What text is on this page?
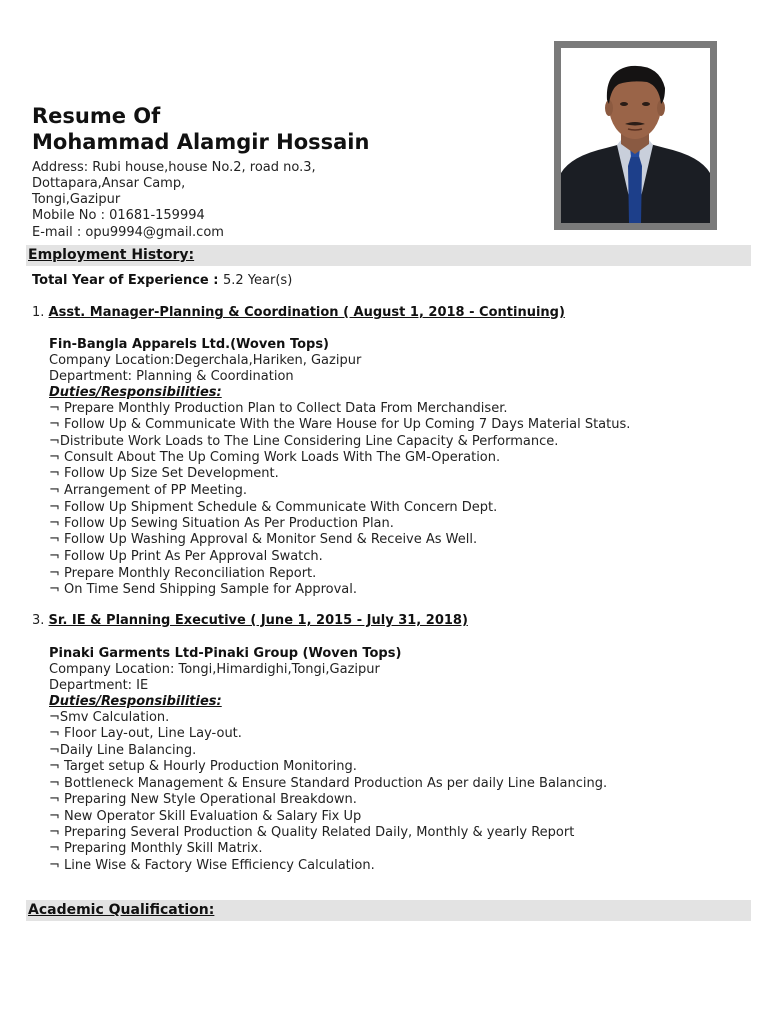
Resume Of
Mohammad Alamgir Hossain
Address: Rubi house,house No.2, road no.3,
Dottapara,Ansar Camp,
Tongi,Gazipur
Mobile No : 01681-159994
E-mail : opu9994@gmail.com
Employment History:
Total Year of Experience : 5.2 Year(s)
1. Asst. Manager-Planning & Coordination ( August 1, 2018 - Continuing)
Fin-Bangla Apparels Ltd.(Woven Tops)
Company Location:Degerchala,Hariken, Gazipur
Department: Planning & Coordination
Duties/Responsibilities:
¬ Prepare Monthly Production Plan to Collect Data From Merchandiser.
¬ Follow Up & Communicate With the Ware House for Up Coming 7 Days Material Status.
¬Distribute Work Loads to The Line Considering Line Capacity & Performance.
¬ Consult About The Up Coming Work Loads With The GM-Operation.
¬ Follow Up Size Set Development.
¬ Arrangement of PP Meeting.
¬ Follow Up Shipment Schedule & Communicate With Concern Dept.
¬ Follow Up Sewing Situation As Per Production Plan.
¬ Follow Up Washing Approval & Monitor Send & Receive As Well.
¬ Follow Up Print As Per Approval Swatch.
¬ Prepare Monthly Reconciliation Report.
¬ On Time Send Shipping Sample for Approval.
3. Sr. IE & Planning Executive ( June 1, 2015 - July 31, 2018)
Pinaki Garments Ltd-Pinaki Group (Woven Tops)
Company Location: Tongi,Himardighi,Tongi,Gazipur
Department: IE
Duties/Responsibilities:
¬Smv Calculation.
¬ Floor Lay-out, Line Lay-out.
¬Daily Line Balancing.
¬ Target setup & Hourly Production Monitoring.
¬ Bottleneck Management & Ensure Standard Production As per daily Line Balancing.
¬ Preparing New Style Operational Breakdown.
¬ New Operator Skill Evaluation & Salary Fix Up
¬ Preparing Several Production & Quality Related Daily, Monthly & yearly Report
¬ Preparing Monthly Skill Matrix.
¬ Line Wise & Factory Wise Efficiency Calculation.
Academic Qualification:
